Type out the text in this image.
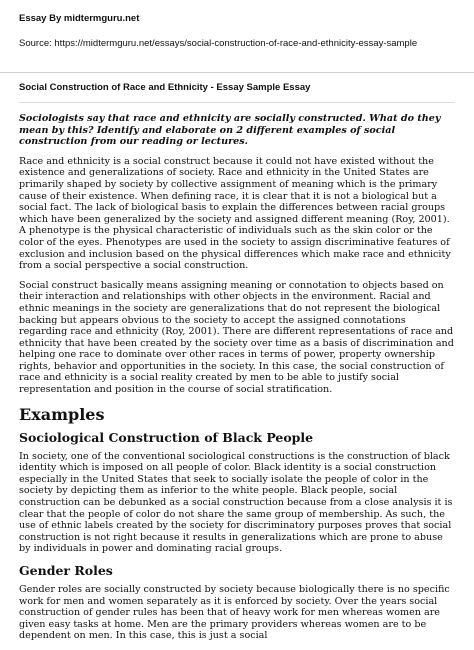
Essay By midtermguru.net
Source: https://midtermguru.net/essays/social-construction-of-race-and-ethnicity-essay-sample
Social Construction of Race and Ethnicity - Essay Sample Essay

Sociologists say that race and ethnicity are socially constructed. What do they mean by this? Identify and elaborate on 2 different examples of social construction from our reading or lectures.

Race and ethnicity is a social construct because it could not have existed without the existence and generalizations of society. Race and ethnicity in the United States are primarily shaped by society by collective assignment of meaning which is the primary cause of their existence. When defining race, it is clear that it is not a biological but a social fact. The lack of biological basis to explain the differences between racial groups which have been generalized by the society and assigned different meaning (Roy, 2001). A phenotype is the physical characteristic of individuals such as the skin color or the color of the eyes. Phenotypes are used in the society to assign discriminative features of exclusion and inclusion based on the physical differences which make race and ethnicity from a social perspective a social construction.

Social construct basically means assigning meaning or connotation to objects based on their interaction and relationships with other objects in the environment. Racial and ethnic meanings in the society are generalizations that do not represent the biological backing but appears obvious to the society to accept the assigned connotations regarding race and ethnicity (Roy, 2001). There are different representations of race and ethnicity that have been created by the society over time as a basis of discrimination and helping one race to dominate over other races in terms of power, property ownership rights, behavior and opportunities in the society. In this case, the social construction of race and ethnicity is a social reality created by men to be able to justify social representation and position in the course of social stratification.

Examples
Sociological Construction of Black People

In society, one of the conventional sociological constructions is the construction of black identity which is imposed on all people of color. Black identity is a social construction especially in the United States that seek to socially isolate the people of color in the society by depicting them as inferior to the white people. Black people, social construction can be debunked as a social construction because from a close analysis it is clear that the people of color do not share the same group of membership. As such, the use of ethnic labels created by the society for discriminatory purposes proves that social construction is not right because it results in generalizations which are prone to abuse by individuals in power and dominating racial groups.

Gender Roles

Gender roles are socially constructed by society because biologically there is no specific work for men and women separately as it is enforced by society. Over the years social construction of gender rules has been that of heavy work for men whereas women are given easy tasks at home. Men are the primary providers whereas women are to be dependent on men. In this case, this is just a social
